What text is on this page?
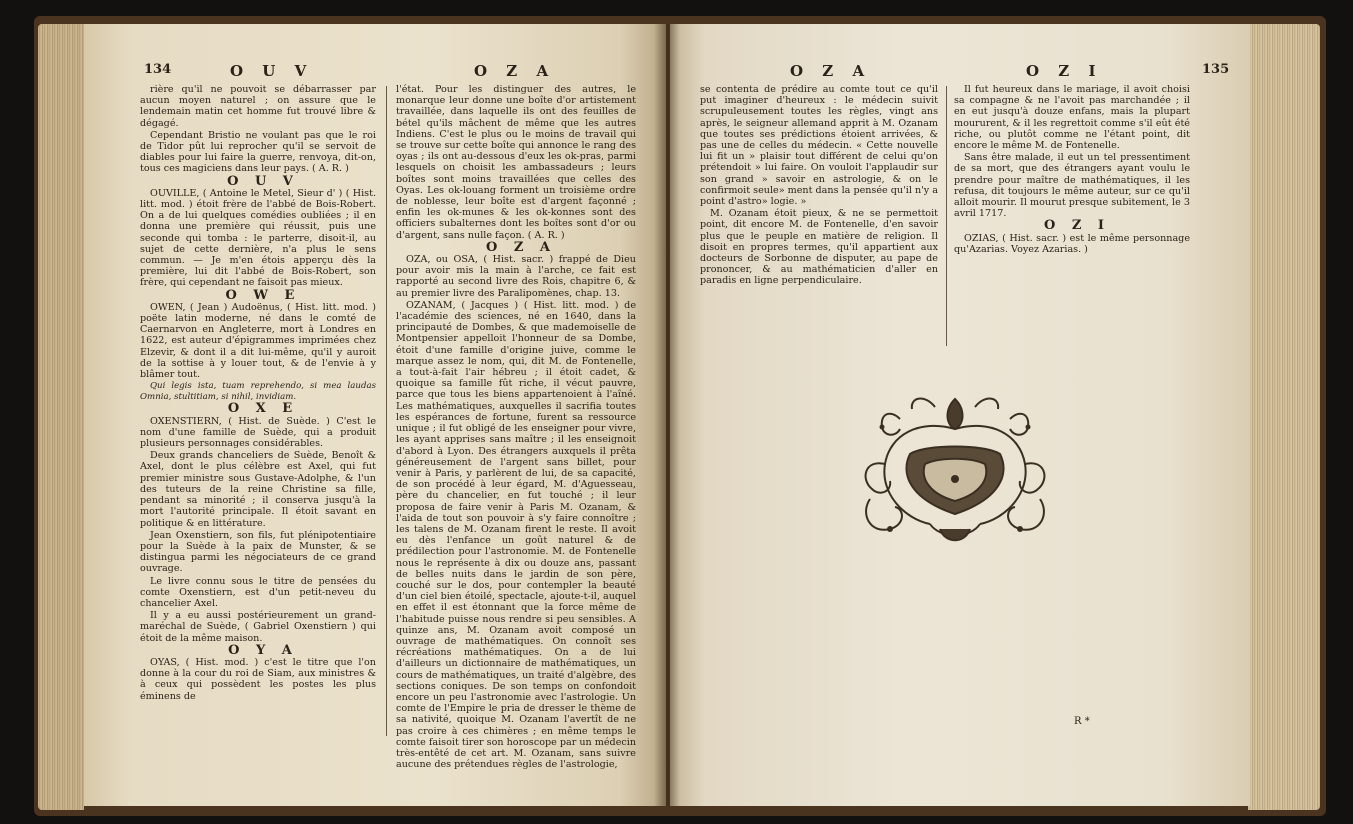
134	O U V	O Z A

rière qu'il ne pouvoit se débarrasser par aucun moyen naturel ; on assure que le lendemain matin cet homme fut trouvé libre & dégagé.

Cependant Bristio ne voulant pas que le roi de Tidor pût lui reprocher qu'il se servoit de diables pour lui faire la guerre, renvoya, dit-on, tous ces magiciens dans leur pays. ( A. R. )

O U V

OUVILLE, ( Antoine le Metel, Sieur d' ) ( Hist. litt. mod. ) étoit frère de l'abbé de Bois-Robert. On a de lui quelques comédies oubliées ; il en donna une première qui réussit, puis une seconde qui tomba : le parterre, disoit-il, au sujet de cette dernière, n'a plus le sens commun. — Je m'en étois apperçu dès la première, lui dit l'abbé de Bois-Robert, son frère, qui cependant ne faisoit pas mieux.

O W E

OWEN, ( Jean ) Audoënus, ( Hist. litt. mod. ) poëte latin moderne, né dans le comté de Caernarvon en Angleterre, mort à Londres en 1622, est auteur d'épigrammes imprimées chez Elzevir, & dont il a dit lui-même, qu'il y auroit de la sottise à y louer tout, & de l'envie à y blâmer tout.

Qui legis ista, tuam reprehendo, si mea laudas Omnia, stultitiam, si nihil, invidiam.

O X E

OXENSTIERN, ( Hist. de Suède. ) C'est le nom d'une famille de Suède, qui a produit plusieurs personnages considérables.

Deux grands chanceliers de Suède, Benoît & Axel, dont le plus célèbre est Axel, qui fut premier ministre sous Gustave-Adolphe, & l'un des tuteurs de la reine Christine sa fille, pendant sa minorité ; il conserva jusqu'à la mort l'autorité principale. Il étoit savant en politique & en littérature.

Jean Oxenstiern, son fils, fut plénipotentiaire pour la Suède à la paix de Munster, & se distingua parmi les négociateurs de ce grand ouvrage.

Le livre connu sous le titre de pensées du comte Oxenstiern, est d'un petit-neveu du chancelier Axel.

Il y a eu aussi postérieurement un grand-maréchal de Suède, ( Gabriel Oxenstiern ) qui étoit de la même maison.

O Y A

OYAS, ( Hist. mod. ) c'est le titre que l'on donne à la cour du roi de Siam, aux ministres & à ceux qui possèdent les postes les plus éminens de

l'état. Pour les distinguer des autres, le monarque leur donne une boîte d'or artistement travaillée, dans laquelle ils ont des feuilles de bétel qu'ils mâchent de même que les autres Indiens. C'est le plus ou le moins de travail qui se trouve sur cette boîte qui annonce le rang des oyas ; ils ont au-dessous d'eux les ok-pras, parmi lesquels on choisit les ambassadeurs ; leurs boîtes sont moins travaillées que celles des Oyas. Les ok-louang forment un troisième ordre de noblesse, leur boîte est d'argent façonné ; enfin les ok-munes & les ok-konnes sont des officiers subalternes dont les boîtes sont d'or ou d'argent, sans nulle façon. ( A. R. )

O Z A

OZA, ou OSA, ( Hist. sacr. ) frappé de Dieu pour avoir mis la main à l'arche, ce fait est rapporté au second livre des Rois, chapitre 6, & au premier livre des Paralipomènes, chap. 13.

OZANAM, ( Jacques ) ( Hist. litt. mod. ) de l'académie des sciences, né en 1640, dans la principauté de Dombes, & que mademoiselle de Montpensier appelloit l'honneur de sa Dombe, étoit d'une famille d'origine juive, comme le marque assez le nom, qui, dit M. de Fontenelle, a tout-à-fait l'air hébreu ; il étoit cadet, & quoique sa famille fût riche, il vécut pauvre, parce que tous les biens appartenoient à l'aîné. Les mathématiques, auxquelles il sacrifia toutes les espérances de fortune, furent sa ressource unique ; il fut obligé de les enseigner pour vivre, les ayant apprises sans maître ; il les enseignoit d'abord à Lyon. Des étrangers auxquels il prêta généreusement de l'argent sans billet, pour venir à Paris, y parlèrent de lui, de sa capacité, de son procédé à leur égard, M. d'Aguesseau, père du chancelier, en fut touché ; il leur proposa de faire venir à Paris M. Ozanam, & l'aida de tout son pouvoir à s'y faire connoître ; les talens de M. Ozanam firent le reste. Il avoit eu dès l'enfance un goût naturel & de prédilection pour l'astronomie. M. de Fontenelle nous le représente à dix ou douze ans, passant de belles nuits dans le jardin de son père, couché sur le dos, pour contempler la beauté d'un ciel bien étoilé, spectacle, ajoute-t-il, auquel en effet il est étonnant que la force même de l'habitude puisse nous rendre si peu sensibles. A quinze ans, M. Ozanam avoit composé un ouvrage de mathématiques. On connoît ses récréations mathématiques. On a de lui d'ailleurs un dictionnaire de mathématiques, un cours de mathématiques, un traité d'algèbre, des sections coniques. De son temps on confondoit encore un peu l'astronomie avec l'astrologie. Un comte de l'Empire le pria de dresser le thème de sa nativité, quoique M. Ozanam l'avertît de ne pas croire à ces chimères ; en même temps le comte faisoit tirer son horoscope par un médecin très-entêté de cet art. M. Ozanam, sans suivre aucune des prétendues règles de l'astrologie,

O Z A	O Z I	135

se contenta de prédire au comte tout ce qu'il put imaginer d'heureux : le médecin suivit scrupuleusement toutes les règles, vingt ans après, le seigneur allemand apprit à M. Ozanam que toutes ses prédictions étoient arrivées, & pas une de celles du médecin. « Cette nouvelle lui fit un » plaisir tout différent de celui qu'on prétendoit » lui faire. On vouloit l'applaudir sur son grand » savoir en astrologie, & on le confirmoit seule» ment dans la pensée qu'il n'y a point d'astro» logie. »

M. Ozanam étoit pieux, & ne se permettoit point, dit encore M. de Fontenelle, d'en savoir plus que le peuple en matière de religion. Il disoit en propres termes, qu'il appartient aux docteurs de Sorbonne de disputer, au pape de prononcer, & au mathématicien d'aller en paradis en ligne perpendiculaire.

Il fut heureux dans le mariage, il avoit choisi sa compagne & ne l'avoit pas marchandée ; il en eut jusqu'à douze enfans, mais la plupart moururent, & il les regrettoit comme s'il eût été riche, ou plutôt comme ne l'étant point, dit encore le même M. de Fontenelle.

Sans être malade, il eut un tel pressentiment de sa mort, que des étrangers ayant voulu le prendre pour maître de mathématiques, il les refusa, dit toujours le même auteur, sur ce qu'il alloit mourir. Il mourut presque subitement, le 3 avril 1717.

O Z I

OZIAS, ( Hist. sacr. ) est le même personnage qu'Azarias. Voyez Azarias. )

R *
